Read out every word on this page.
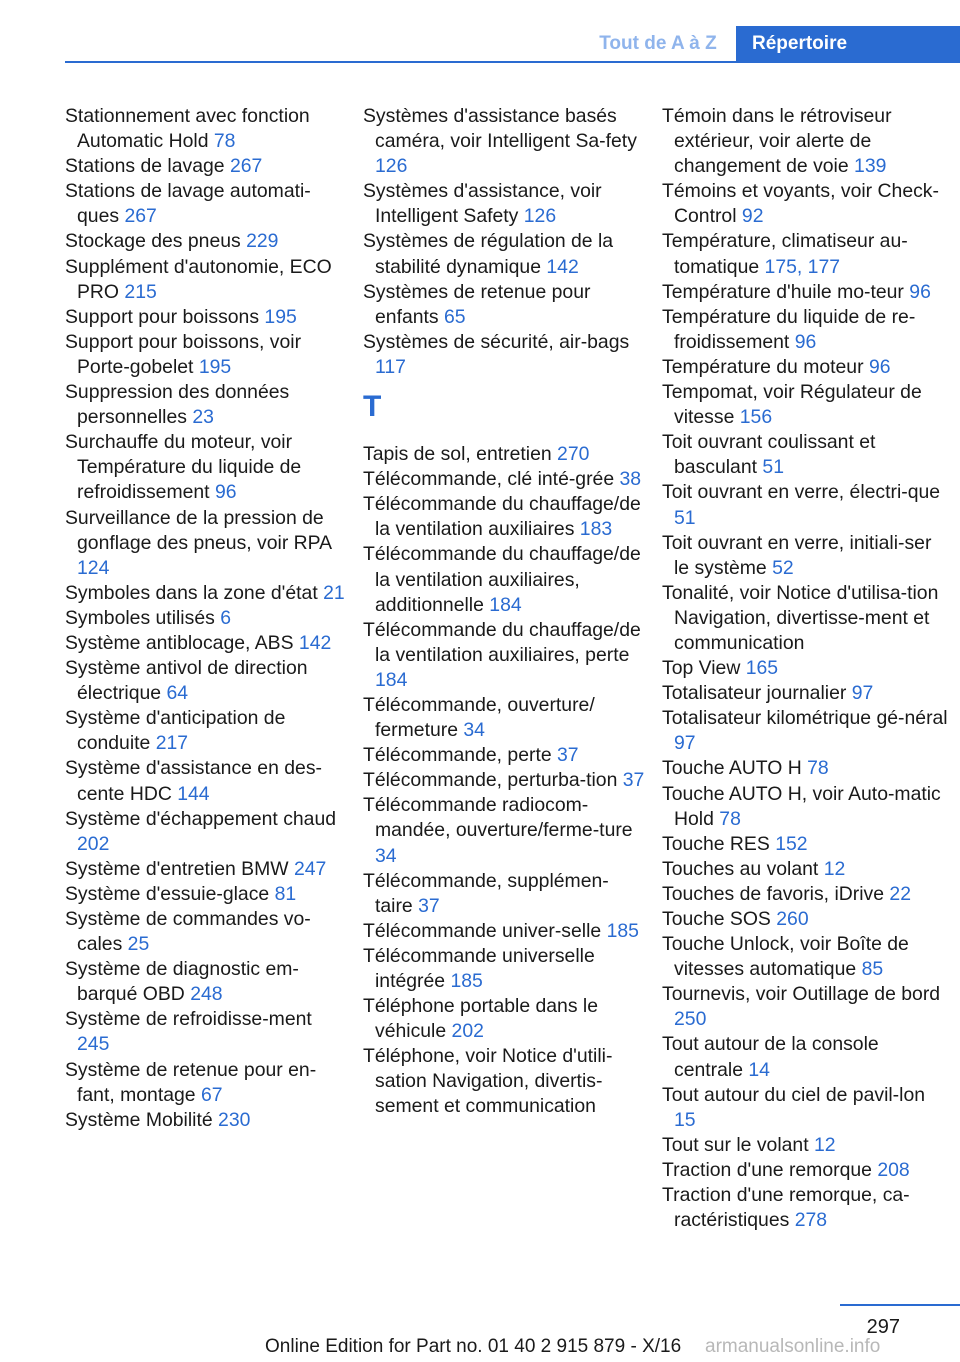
Tout de A à Z	Répertoire
Stationnement avec fonction Automatic Hold 78
Stations de lavage 267
Stations de lavage automati-ques 267
Stockage des pneus 229
Supplément d'autonomie, ECO PRO 215
Support pour boissons 195
Support pour boissons, voir Porte-gobelet 195
Suppression des données personnelles 23
Surchauffe du moteur, voir Température du liquide de refroidissement 96
Surveillance de la pression de gonflage des pneus, voir RPA 124
Symboles dans la zone d'état 21
Symboles utilisés 6
Système antiblocage, ABS 142
Système antivol de direction électrique 64
Système d'anticipation de conduite 217
Système d'assistance en des-cente HDC 144
Système d'échappement chaud 202
Système d'entretien BMW 247
Système d'essuie-glace 81
Système de commandes vo-cales 25
Système de diagnostic em-barqué OBD 248
Système de refroidisse-ment 245
Système de retenue pour en-fant, montage 67
Système Mobilité 230
Systèmes d'assistance basés caméra, voir Intelligent Sa-fety 126
Systèmes d'assistance, voir Intelligent Safety 126
Systèmes de régulation de la stabilité dynamique 142
Systèmes de retenue pour enfants 65
Systèmes de sécurité, air-bags 117
T
Tapis de sol, entretien 270
Télécommande, clé inté-grée 38
Télécommande du chauffage/de la ventilation auxiliaires 183
Télécommande du chauffage/de la ventilation auxiliaires, additionnelle 184
Télécommande du chauffage/de la ventilation auxiliaires, perte 184
Télécommande, ouverture/ fermeture 34
Télécommande, perte 37
Télécommande, perturba-tion 37
Télécommande radiocom-mandée, ouverture/ferme-ture 34
Télécommande, supplémen-taire 37
Télécommande univer-selle 185
Télécommande universelle intégrée 185
Téléphone portable dans le véhicule 202
Téléphone, voir Notice d'utili-sation Navigation, divertis-sement et communication
Témoin dans le rétroviseur extérieur, voir alerte de changement de voie 139
Témoins et voyants, voir Check-Control 92
Température, climatiseur au-tomatique 175, 177
Température d'huile mo-teur 96
Température du liquide de re-froidissement 96
Température du moteur 96
Tempomat, voir Régulateur de vitesse 156
Toit ouvrant coulissant et basculant 51
Toit ouvrant en verre, électri-que 51
Toit ouvrant en verre, initiali-ser le système 52
Tonalité, voir Notice d'utilisa-tion Navigation, divertisse-ment et communication
Top View 165
Totalisateur journalier 97
Totalisateur kilométrique gé-néral 97
Touche AUTO H 78
Touche AUTO H, voir Auto-matic Hold 78
Touche RES 152
Touches au volant 12
Touches de favoris, iDrive 22
Touche SOS 260
Touche Unlock, voir Boîte de vitesses automatique 85
Tournevis, voir Outillage de bord 250
Tout autour de la console centrale 14
Tout autour du ciel de pavil-lon 15
Tout sur le volant 12
Traction d'une remorque 208
Traction d'une remorque, ca-ractéristiques 278
297
Online Edition for Part no. 01 40 2 915 879 - X/16 armanualsonline.info
